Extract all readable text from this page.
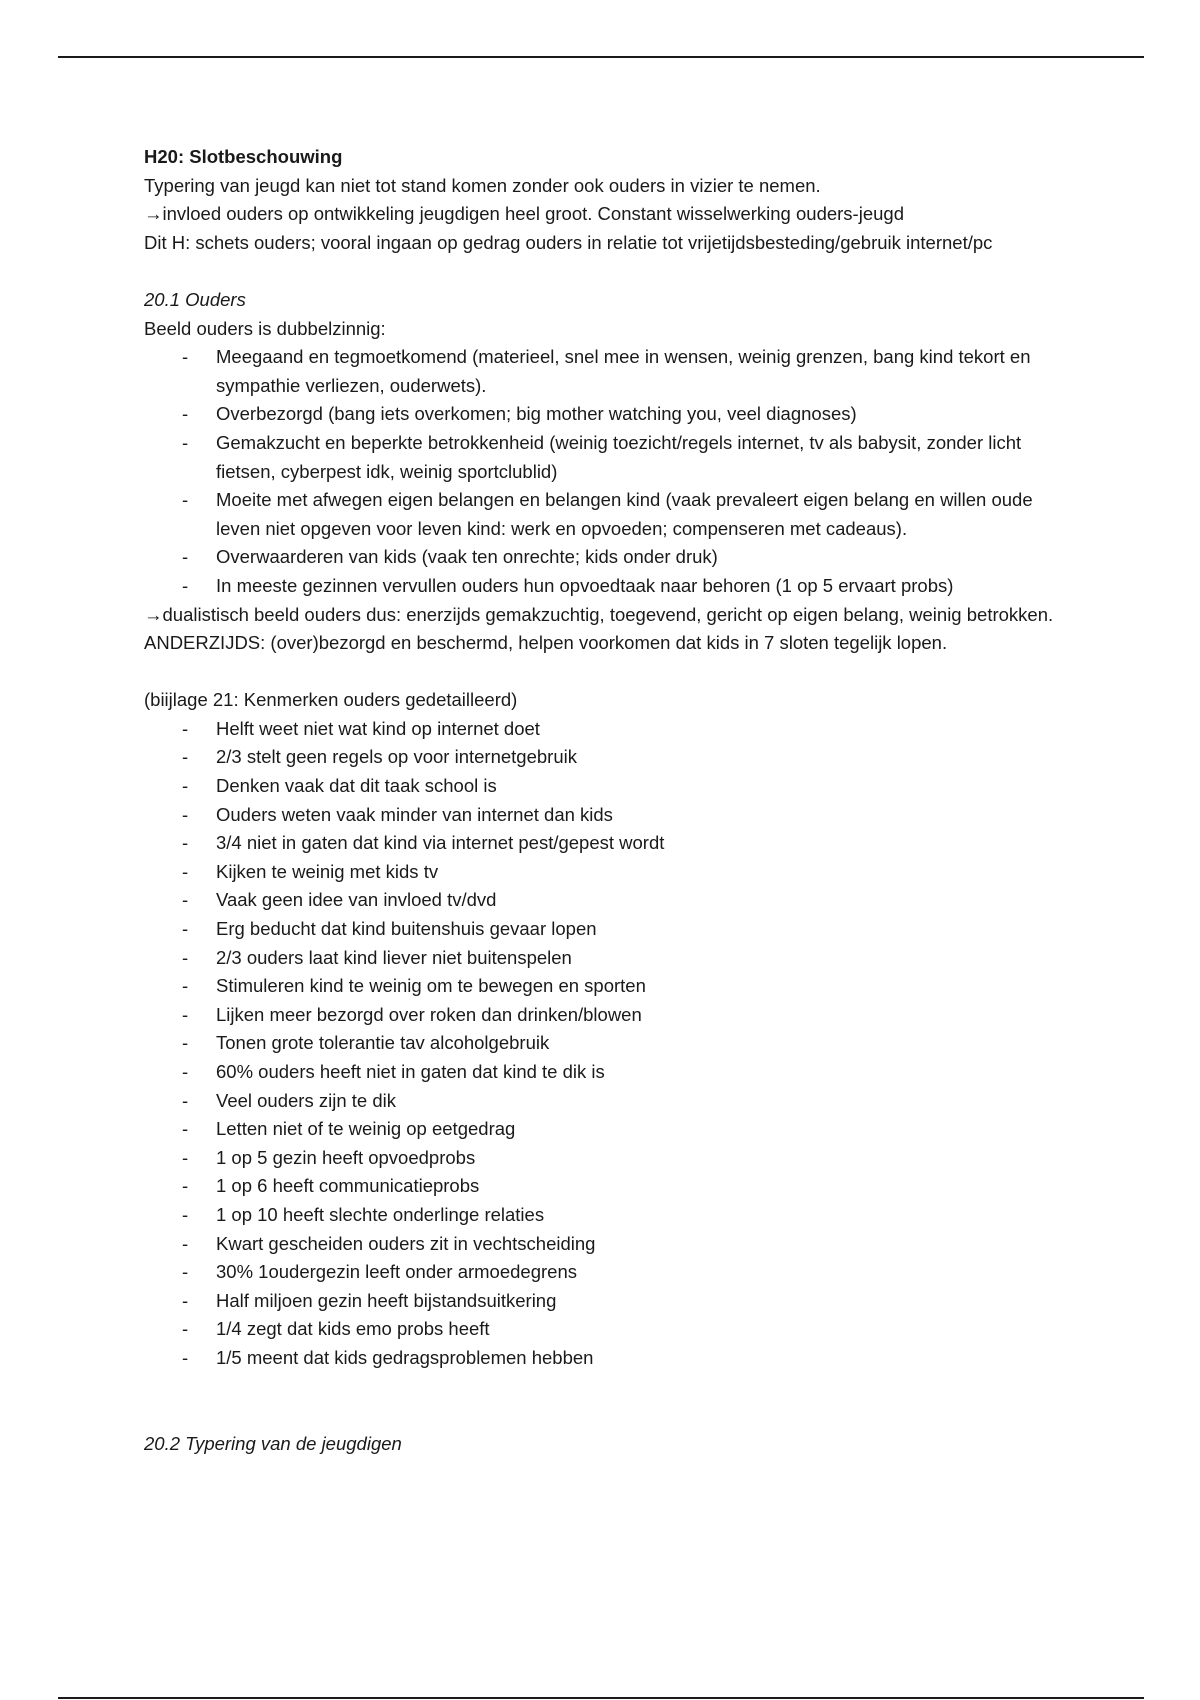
H20: Slotbeschouwing

Typering van jeugd kan niet tot stand komen zonder ook ouders in vizier te nemen.

→invloed ouders op ontwikkeling jeugdigen heel groot. Constant wisselwerking ouders-jeugd

Dit H: schets ouders; vooral ingaan op gedrag ouders in relatie tot vrijetijdsbesteding/gebruik internet/pc

20.1 Ouders

Beeld ouders is dubbelzinnig:

- Meegaand en tegmoetkomend (materieel, snel mee in wensen, weinig grenzen, bang kind tekort en sympathie verliezen, ouderwets).
- Overbezorgd (bang iets overkomen; big mother watching you, veel diagnoses)
- Gemakzucht en beperkte betrokkenheid (weinig toezicht/regels internet, tv als babysit, zonder licht fietsen, cyberpest idk, weinig sportclublid)
- Moeite met afwegen eigen belangen en belangen kind (vaak prevaleert eigen belang en willen oude leven niet opgeven voor leven kind: werk en opvoeden; compenseren met cadeaus).
- Overwaarderen van kids (vaak ten onrechte; kids onder druk)
- In meeste gezinnen vervullen ouders hun opvoedtaak naar behoren (1 op 5 ervaart probs)

→dualistisch beeld ouders dus: enerzijds gemakzuchtig, toegevend, gericht op eigen belang, weinig betrokken. ANDERZIJDS: (over)bezorgd en beschermd, helpen voorkomen dat kids in 7 sloten tegelijk lopen.

(biijlage 21: Kenmerken ouders gedetailleerd)

- Helft weet niet wat kind op internet doet
- 2/3 stelt geen regels op voor internetgebruik
- Denken vaak dat dit taak school is
- Ouders weten vaak minder van internet dan kids
- 3/4 niet in gaten dat kind via internet pest/gepest wordt
- Kijken te weinig met kids tv
- Vaak geen idee van invloed tv/dvd
- Erg beducht dat kind buitenshuis gevaar lopen
- 2/3 ouders laat kind liever niet buitenspelen
- Stimuleren kind te weinig om te bewegen en sporten
- Lijken meer bezorgd over roken dan drinken/blowen
- Tonen grote tolerantie tav alcoholgebruik
- 60% ouders heeft niet in gaten dat kind te dik is
- Veel ouders zijn te dik
- Letten niet of te weinig op eetgedrag
- 1 op 5 gezin heeft opvoedprobs
- 1 op 6 heeft communicatieprobs
- 1 op 10 heeft slechte onderlinge relaties
- Kwart gescheiden ouders zit in vechtscheiding
- 30% 1oudergezin leeft onder armoedegrens
- Half miljoen gezin heeft bijstandsuitkering
- 1/4 zegt dat kids emo probs heeft
- 1/5 meent dat kids gedragsproblemen hebben

20.2 Typering van de jeugdigen
